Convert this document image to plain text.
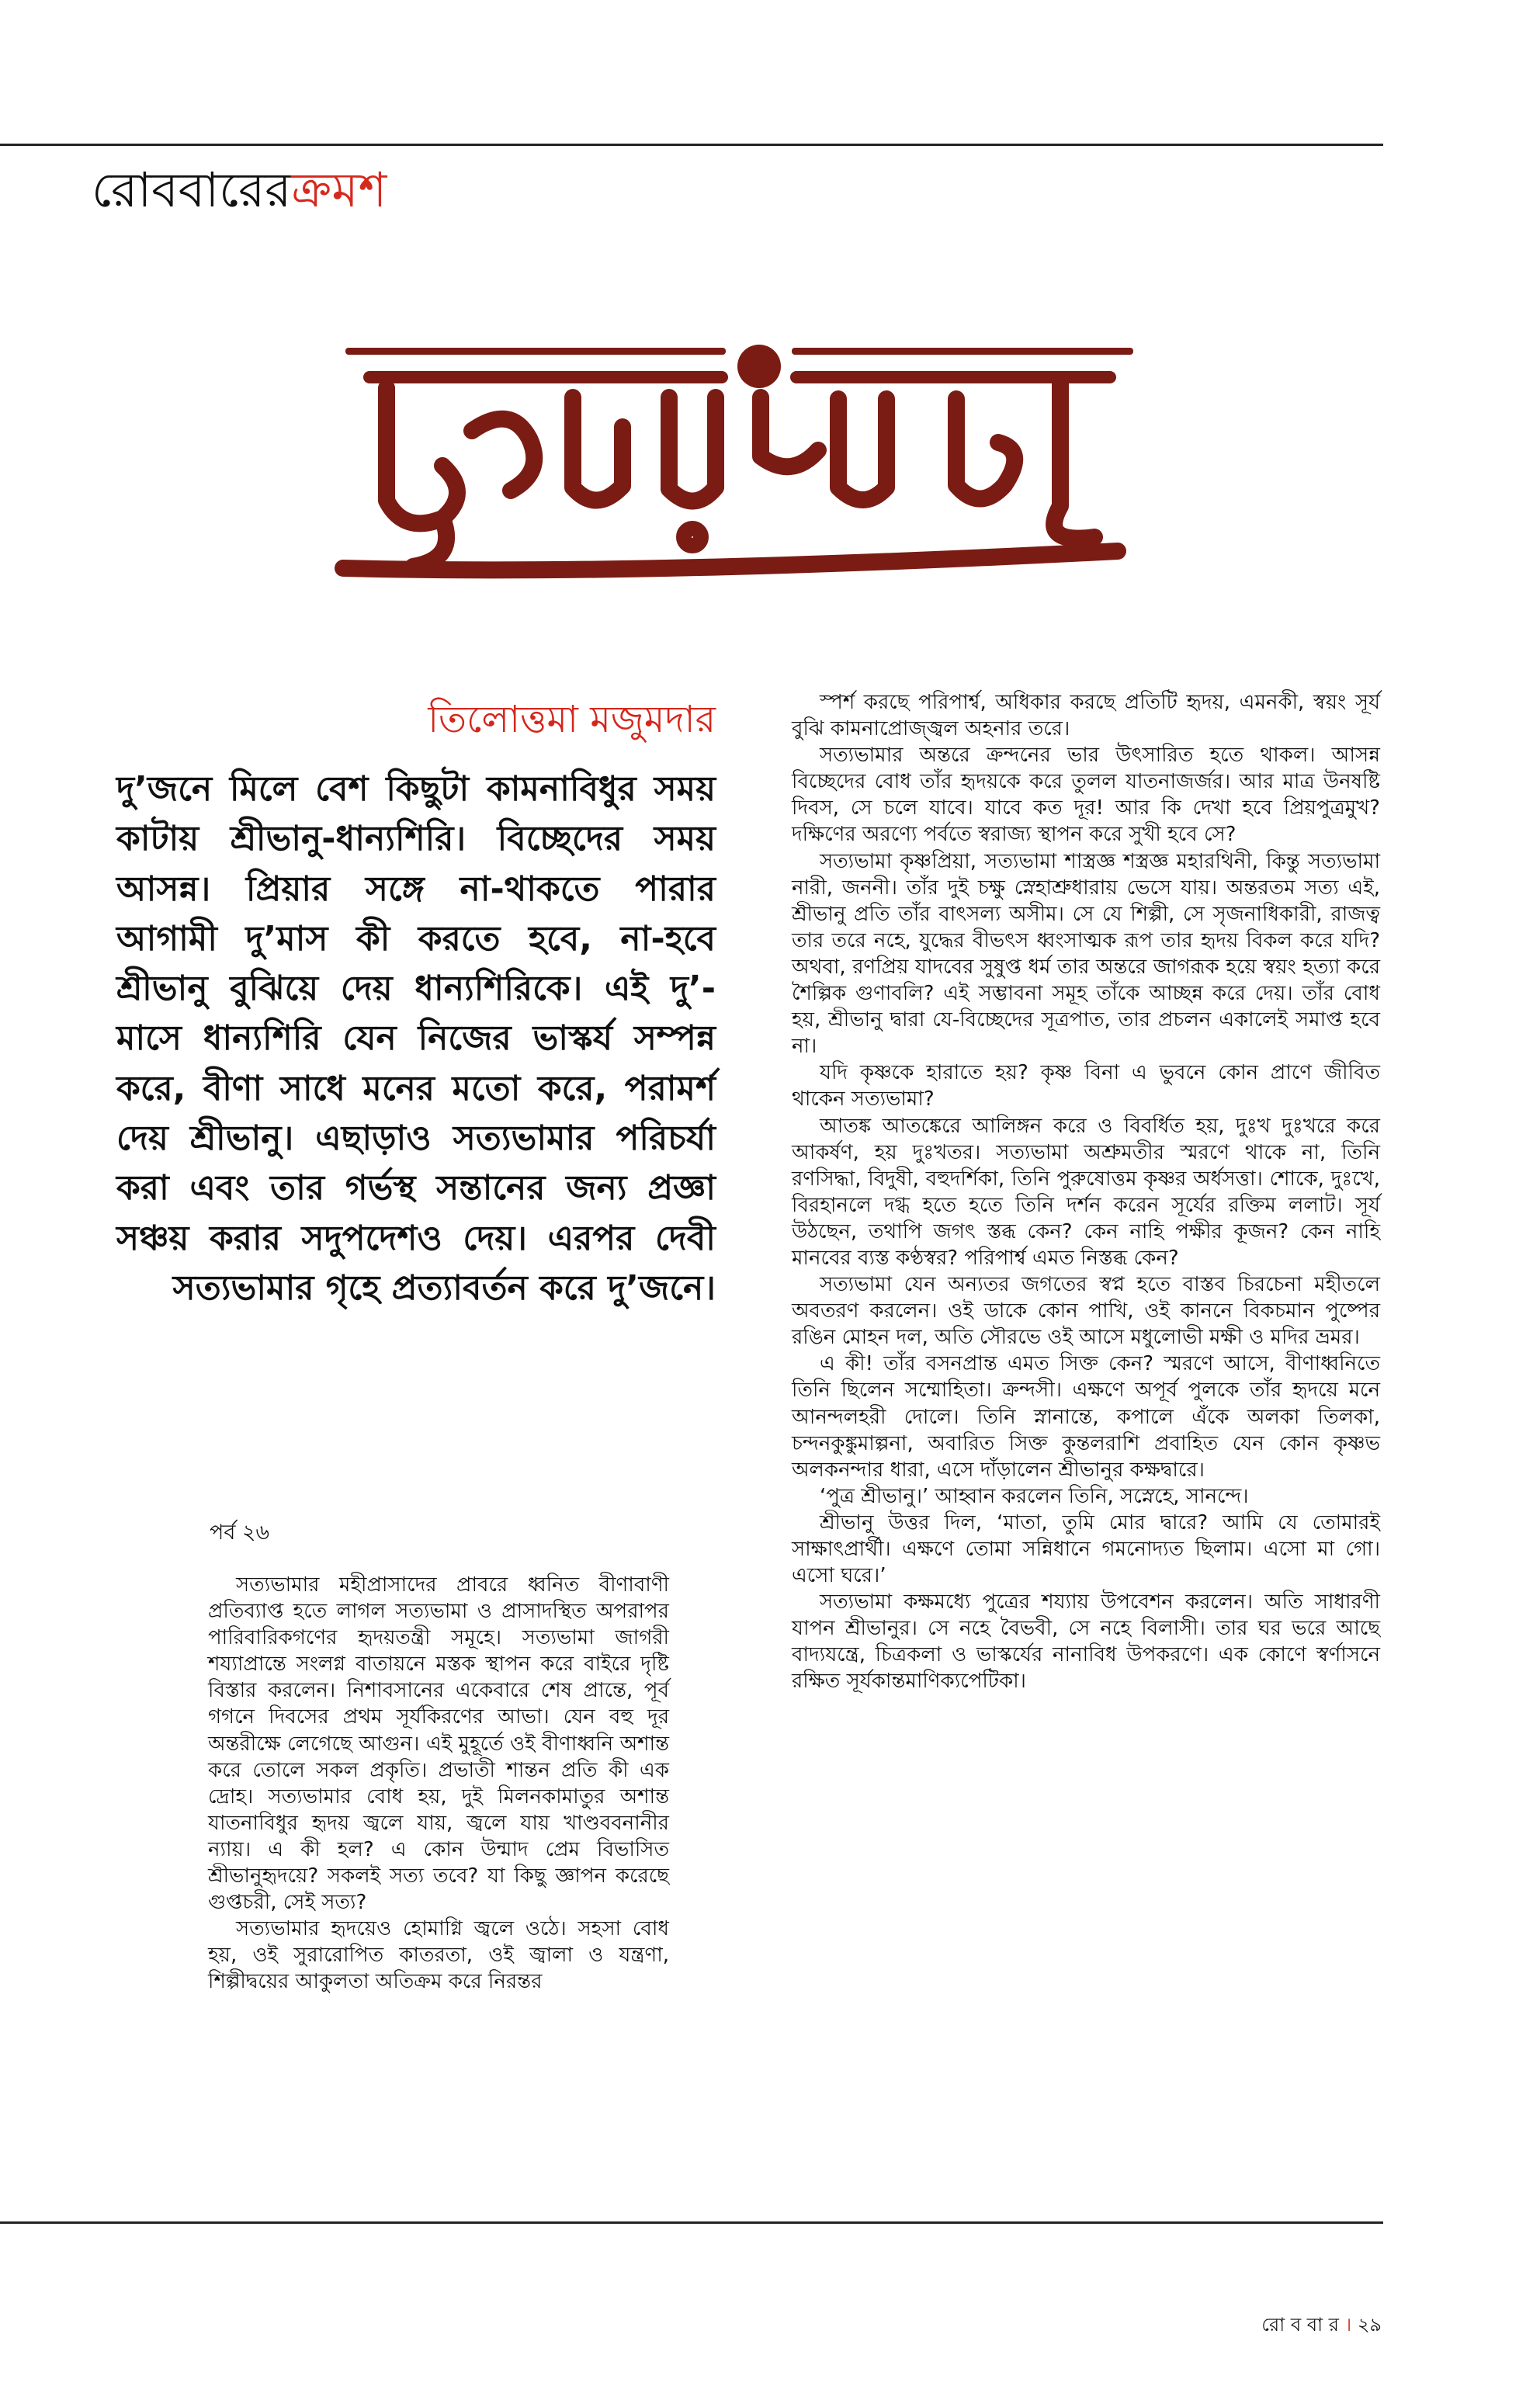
রোববারেরক্রমশ
তিলোত্তমা মজুমদার
দু’জনে মিলে বেশ কিছুটা কামনাবিধুর সময় কাটায় শ্রীভানু-ধান্যশিরি। বিচ্ছেদের সময় আসন্ন। প্রিয়ার সঙ্গে না-থাকতে পারার আগামী দু’মাস কী করতে হবে, না-হবে শ্রীভানু বুঝিয়ে দেয় ধান্যশিরিকে। এই দু’-মাসে ধান্যশিরি যেন নিজের ভাস্কর্য সম্পন্ন করে, বীণা সাধে মনের মতো করে, পরামর্শ দেয় শ্রীভানু। এছাড়াও সত্যভামার পরিচর্যা করা এবং তার গর্ভস্থ সন্তানের জন্য প্রজ্ঞা সঞ্চয় করার সদুপদেশও দেয়। এরপর দেবী সত্যভামার গৃহে প্রত্যাবর্তন করে দু’জনে।
পর্ব ২৬

সত্যভামার মহীপ্রাসাদের প্রাবরে ধ্বনিত বীণাবাণী প্রতিব্যাপ্ত হতে লাগল সত্যভামা ও প্রাসাদস্থিত অপরাপর পারিবারিকগণের হৃদয়তন্ত্রী সমূহে। সত্যভামা জাগরী শয্যাপ্রান্তে সংলগ্ন বাতায়নে মস্তক স্থাপন করে বাইরে দৃষ্টি বিস্তার করলেন। নিশাবসানের একেবারে শেষ প্রান্তে, পূর্ব গগনে দিবসের প্রথম সূর্যকিরণের আভা। যেন বহু দূর অন্তরীক্ষে লেগেছে আগুন। এই মুহূর্তে ওই বীণাধ্বনি অশান্ত করে তোলে সকল প্রকৃতি। প্রভাতী শান্তন প্রতি কী এক দ্রোহ। সত্যভামার বোধ হয়, দুই মিলনকামাতুর অশান্ত যাতনাবিধুর হৃদয় জ্বলে যায়, জ্বলে যায় খাণ্ডববনানীর ন্যায়। এ কী হল? এ কোন উন্মাদ প্রেম বিভাসিত শ্রীভানুহৃদয়ে? সকলই সত্য তবে? যা কিছু জ্ঞাপন করেছে গুপ্তচরী, সেই সত্য?

সত্যভামার হৃদয়েও হোমাগ্নি জ্বলে ওঠে। সহসা বোধ হয়, ওই সুরারোপিত কাতরতা, ওই জ্বালা ও যন্ত্রণা, শিল্পীদ্বয়ের আকুলতা অতিক্রম করে নিরন্তর

স্পর্শ করছে পরিপার্শ্ব, অধিকার করছে প্রতিটি হৃদয়, এমনকী, স্বয়ং সূর্য বুঝি কামনাপ্রোজ্জ্বল অহনার তরে।

সত্যভামার অন্তরে ক্রন্দনের ভার উৎসারিত হতে থাকল। আসন্ন বিচ্ছেদের বোধ তাঁর হৃদয়কে করে তুলল যাতনাজর্জর। আর মাত্র উনষষ্টি দিবস, সে চলে যাবে। যাবে কত দূর! আর কি দেখা হবে প্রিয়পুত্রমুখ? দক্ষিণের অরণ্যে পর্বতে স্বরাজ্য স্থাপন করে সুখী হবে সে?

সত্যভামা কৃষ্ণপ্রিয়া, সত্যভামা শাস্ত্রজ্ঞ শস্ত্রজ্ঞ মহারথিনী, কিন্তু সত্যভামা নারী, জননী। তাঁর দুই চক্ষু স্নেহাশ্রুধারায় ভেসে যায়। অন্তরতম সত্য এই, শ্রীভানু প্রতি তাঁর বাৎসল্য অসীম। সে যে শিল্পী, সে সৃজনাধিকারী, রাজত্ব তার তরে নহে, যুদ্ধের বীভৎস ধ্বংসাত্মক রূপ তার হৃদয় বিকল করে যদি? অথবা, রণপ্রিয় যাদবের সুষুপ্ত ধর্ম তার অন্তরে জাগরূক হয়ে স্বয়ং হত্যা করে শৈল্পিক গুণাবলি? এই সম্ভাবনা সমূহ তাঁকে আচ্ছন্ন করে দেয়। তাঁর বোধ হয়, শ্রীভানু দ্বারা যে-বিচ্ছেদের সূত্রপাত, তার প্রচলন একালেই সমাপ্ত হবে না।

যদি কৃষ্ণকে হারাতে হয়? কৃষ্ণ বিনা এ ভুবনে কোন প্রাণে জীবিত থাকেন সত্যভামা?

আতঙ্ক আতঙ্কেরে আলিঙ্গন করে ও বিবর্ধিত হয়, দুঃখ দুঃখরে করে আকর্ষণ, হয় দুঃখতর। সত্যভামা অশ্রুমতীর স্মরণে থাকে না, তিনি রণসিদ্ধা, বিদুষী, বহুদর্শিকা, তিনি পুরুষোত্তম কৃষ্ণর অর্ধসত্তা। শোকে, দুঃখে, বিরহানলে দগ্ধ হতে হতে তিনি দর্শন করেন সূর্যের রক্তিম ললাট। সূর্য উঠছেন, তথাপি জগৎ স্তব্ধ কেন? কেন নাহি পক্ষীর কূজন? কেন নাহি মানবের ব্যস্ত কণ্ঠস্বর? পরিপার্শ্ব এমত নিস্তব্ধ কেন?

সত্যভামা যেন অন্যতর জগতের স্বপ্ন হতে বাস্তব চিরচেনা মহীতলে অবতরণ করলেন। ওই ডাকে কোন পাখি, ওই কাননে বিকচমান পুষ্পের রঙিন মোহন দল, অতি সৌরভে ওই আসে মধুলোভী মক্ষী ও মদির ভ্রমর।

এ কী! তাঁর বসনপ্রান্ত এমত সিক্ত কেন? স্মরণে আসে, বীণাধ্বনিতে তিনি ছিলেন সম্মোহিতা। ক্রন্দসী। এক্ষণে অপূর্ব পুলকে তাঁর হৃদয়ে মনে আনন্দলহরী দোলে। তিনি স্নানান্তে, কপালে এঁকে অলকা তিলকা, চন্দনকুঙ্কুমাল্পনা, অবারিত সিক্ত কুন্তলরাশি প্রবাহিত যেন কোন কৃষ্ণভ অলকনন্দার ধারা, এসে দাঁড়ালেন শ্রীভানুর কক্ষদ্বারে।

‘পুত্র শ্রীভানু।’ আহ্বান করলেন তিনি, সস্নেহে, সানন্দে।

শ্রীভানু উত্তর দিল, ‘মাতা, তুমি মোর দ্বারে? আমি যে তোমারই সাক্ষাৎপ্রার্থী। এক্ষণে তোমা সন্নিধানে গমনোদ্যত ছিলাম। এসো মা গো। এসো ঘরে।’

সত্যভামা কক্ষমধ্যে পুত্রের শয্যায় উপবেশন করলেন। অতি সাধারণী যাপন শ্রীভানুর। সে নহে বৈভবী, সে নহে বিলাসী। তার ঘর ভরে আছে বাদ্যযন্ত্রে, চিত্রকলা ও ভাস্কর্যের নানাবিধ উপকরণে। এক কোণে স্বর্ণাসনে রক্ষিত সূর্যকান্তমাণিক্যপেটিকা।

রো ব বা র । ২৯
